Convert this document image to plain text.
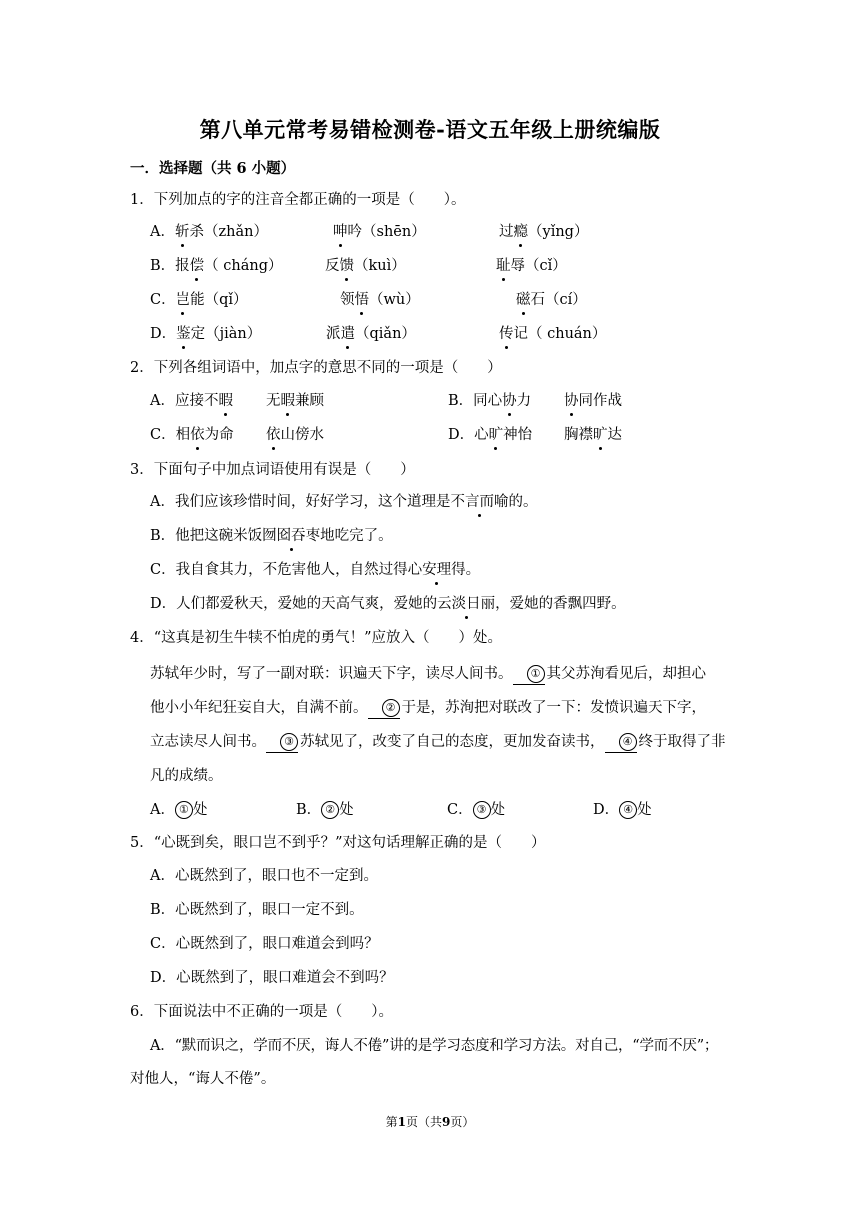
第八单元常考易错检测卷-语文五年级上册统编版
一．选择题（共 6 小题）
1．下列加点的字的注音全都正确的一项是（　　）。
A．斩杀（zhǎn）	呻吟（shēn）	过瘾（yǐng）
B．报偿（ cháng）	反馈（kuì）	耻辱（cǐ）
C．岂能（qǐ）	领悟（wù）	磁石（cí）
D．鉴定（jiàn）	派遣（qiǎn）	传记（ chuán）
2．下列各组词语中，加点字的意思不同的一项是（　　）
A．应接不暇 无暇兼顾	B．同心协力 协同作战
C．相依为命 依山傍水	D．心旷神怡 胸襟旷达
3．下面句子中加点词语使用有误是（　　）
A．我们应该珍惜时间，好好学习，这个道理是不言而喻的。
B．他把这碗米饭囫囵吞枣地吃完了。
C．我自食其力，不危害他人，自然过得心安理得。
D．人们都爱秋天，爱她的天高气爽，爱她的云淡日丽，爱她的香飘四野。
4．“这真是初生牛犊不怕虎的勇气！”应放入（　　）处。
苏轼年少时，写了一副对联：识遍天下字，读尽人间书。 ① 其父苏洵看见后，却担心
他小小年纪狂妄自大，自满不前。 ② 于是，苏洵把对联改了一下：发愤识遍天下字，
立志读尽人间书。 ③ 苏轼见了，改变了自己的态度，更加发奋读书， ④ 终于取得了非
凡的成绩。
A． ① 处	B． ② 处	C． ③ 处	D． ④ 处
5．“心既到矣，眼口岂不到乎？”对这句话理解正确的是（　　）
A．心既然到了，眼口也不一定到。
B．心既然到了，眼口一定不到。
C．心既然到了，眼口难道会到吗？
D．心既然到了，眼口难道会不到吗？
6．下面说法中不正确的一项是（　　）。
A．“默而识之，学而不厌，诲人不倦”讲的是学习态度和学习方法。对自己，“学而不厌”；
对他人，“诲人不倦”。
第1页（共9页）
